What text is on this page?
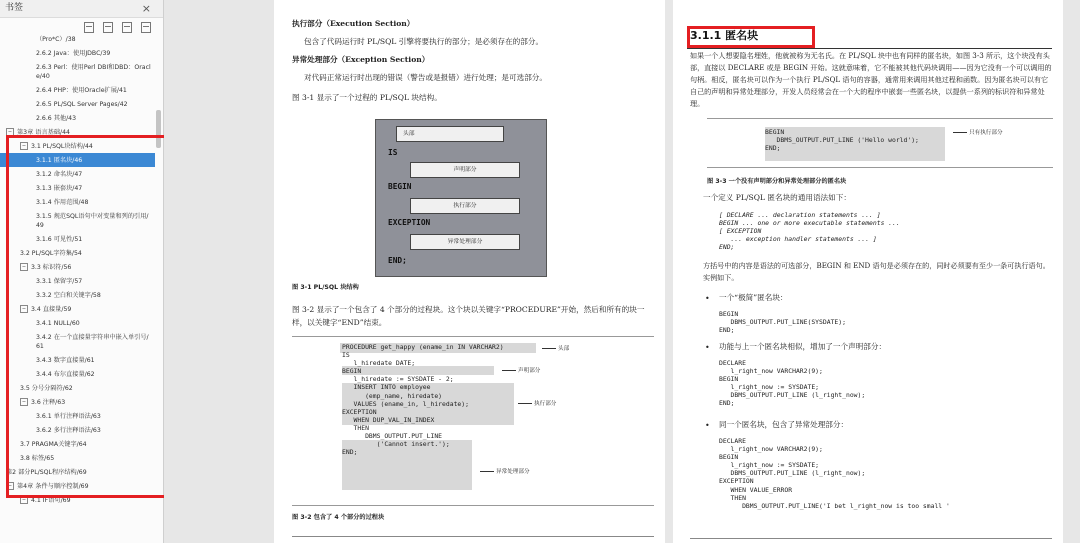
书签	×
（Pro*C）/38
2.6.2 Java：使用JDBC/39
2.6.3 Perl：使用Perl DBI和DBD：Oracle/40
2.6.4 PHP：使用Oracle扩展/41
2.6.5 PL/SQL Server Pages/42
2.6.6 其他/43
− 第3章 语言基础/44
− 3.1 PL/SQL块结构/44
3.1.1 匿名块/46
3.1.2 命名块/47
3.1.3 嵌套块/47
3.1.4 作用范围/48
3.1.5 规范SQL语句中对变量和列的引用/49
3.1.6 可见性/51
3.2 PL/SQL字符集/54
− 3.3 标识符/56
3.3.1 保留字/57
3.3.2 空白和关键字/58
− 3.4 直接量/59
3.4.1 NULL/60
3.4.2 在一个直接量字符串中嵌入单引号/61
3.4.3 数字直接量/61
3.4.4 布尔直接量/62
3.5 分号分隔符/62
− 3.6 注释/63
3.6.1 单行注释语法/63
3.6.2 多行注释语法/63
3.7 PRAGMA关键字/64
3.8 标签/65
第2 部分PL/SQL程序结构/69
− 第4章 条件与顺序控制/69
− 4.1 IF语句/69
执行部分（Execution Section）
包含了代码运行时 PL/SQL 引擎将要执行的部分；是必须存在的部分。
异常处理部分（Exception Section）
对代码正常运行时出现的错误（警告或是报错）进行处理；是可选部分。
图 3-1 显示了一个过程的 PL/SQL 块结构。
头部
IS
声明部分
BEGIN
执行部分
EXCEPTION
异常处理部分
END;
图 3-1 PL/SQL 块结构
图 3-2 显示了一个包含了 4 个部分的过程块。这个块以关键字“PROCEDURE”开始，然后和所有的块一样，以关键字“END”结束。
PROCEDURE get_happy (ename_in IN VARCHAR2)
IS
l_hiredate DATE;
BEGIN
l_hiredate := SYSDATE - 2;
INSERT INTO employee
(emp_name, hiredate)
VALUES (ename_in, l_hiredate);
EXCEPTION
WHEN DUP_VAL_IN_INDEX
THEN
DBMS_OUTPUT.PUT_LINE
('Cannot insert.');
END;
头部
声明部分
执行部分
异常处理部分
图 3-2 包含了 4 个部分的过程块
3.1.1 匿名块
如果一个人想要隐名埋姓，他就被称为无名氏。在 PL/SQL 块中也有同样的匿名块，如图 3-3 所示，这个块没有头部，直接以 DECLARE 或是 BEGIN 开始。这就意味着，它不能被其他代码块调用——因为它没有一个可以调用的句柄。相反，匿名块可以作为一个执行 PL/SQL 语句的容器，通常用来调用其他过程和函数。因为匿名块可以有它自己的声明和异常处理部分，开发人员经常会在一个大的程序中嵌套一些匿名块，以提供一系列的标识符和异常处理。
BEGIN
DBMS_OUTPUT.PUT_LINE ('Hello world');
END;
只有执行部分
图 3-3 一个没有声明部分和异常处理部分的匿名块
一个定义 PL/SQL 匿名块的通用语法如下：
[ DECLARE ... declaration statements ... ]
BEGIN ... one or more executable statements ...
[ EXCEPTION
... exception handler statements ... ]
END;
方括号中的内容是语法的可选部分，BEGIN 和 END 语句是必须存在的，同时必须要有至少一条可执行语句。实例如下。
• 一个“极简”匿名块：
BEGIN
DBMS_OUTPUT.PUT_LINE(SYSDATE);
END;
• 功能与上一个匿名块相似，增加了一个声明部分：
DECLARE
l_right_now VARCHAR2(9);
BEGIN
l_right_now := SYSDATE;
DBMS_OUTPUT.PUT_LINE (l_right_now);
END;
• 同一个匿名块，包含了异常处理部分：
DECLARE
l_right_now VARCHAR2(9);
BEGIN
l_right_now := SYSDATE;
DBMS_OUTPUT.PUT_LINE (l_right_now);
EXCEPTION
WHEN VALUE_ERROR
THEN
DBMS_OUTPUT.PUT_LINE('I bet l_right_now is too small '
